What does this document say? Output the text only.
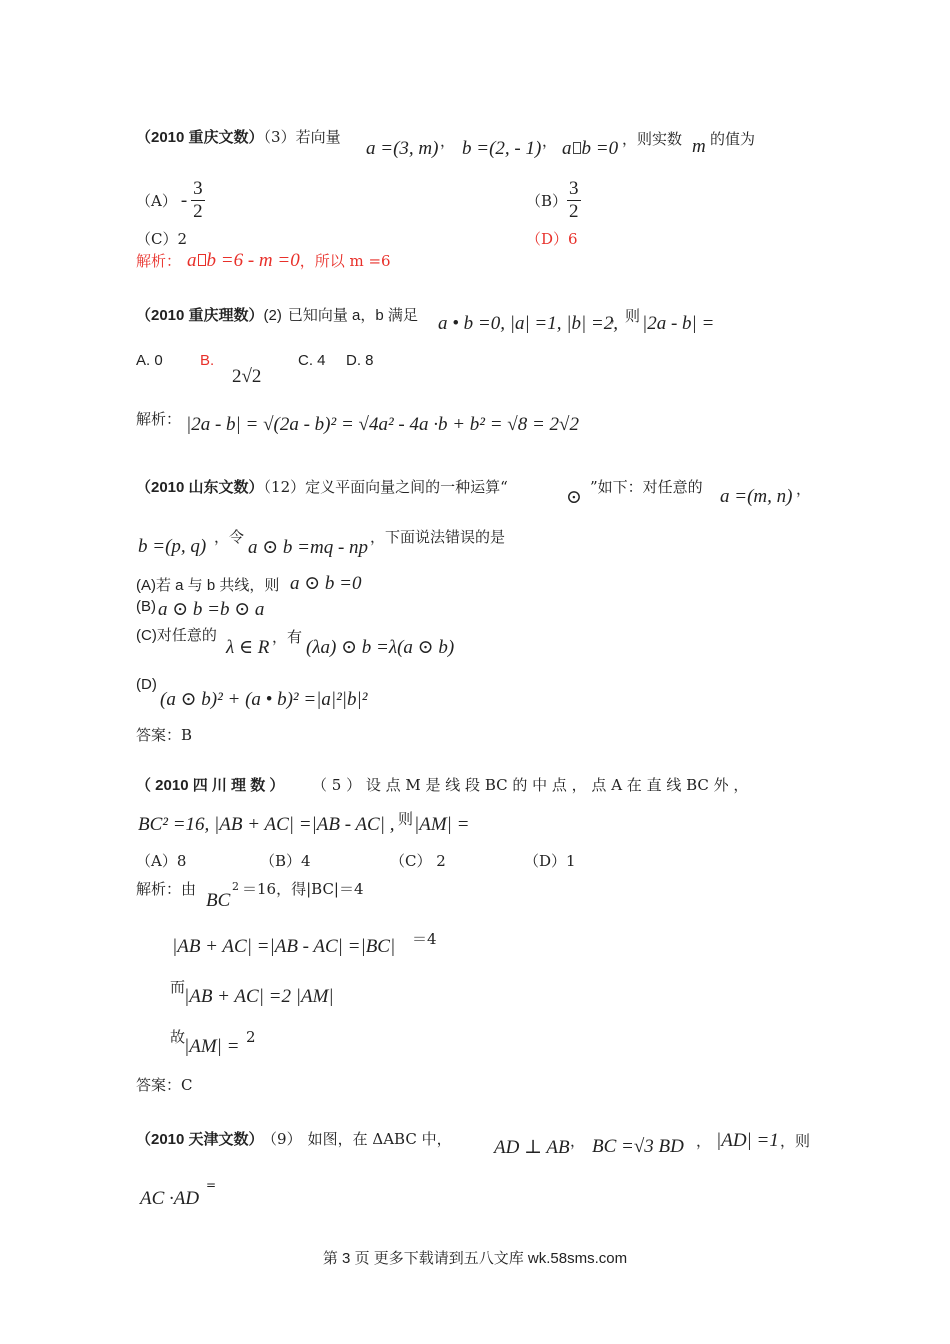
（2010 重庆文数）（3）若向量
a =(3, m) ， b =(2, - 1) ， a b =0 ，则实数 m 的值为
$(A) - \frac{3}{2}$	$(B) \frac{3}{2}$
（C）2	（D）6
解析： a b =6 - m =0，所以 m =6
（2010 重庆理数）(2) 已知向量 a，b 满足 a • b =0, |a| =1, |b| =2,
，则 |2a - b| =
A. 0 B.
2√2
C. 4 D. 8
解析： |2a - b| = √(2a - b)² = √4a² - 4a ·b + b² = √8 = 2√2
（2010 山东文数）（12）定义平面向量之间的一种运算“	⊙ ”如下：对任意的 a =(m, n) ，
b =(p, q) ，令 a ⊙ b =mq - np ，下面说法错误的是
(A)若 a 与 b 共线，则 a ⊙ b =0
(B) a ⊙ b =b ⊙ a
(C)对任意的
λ ∈ R ，有 (λa) ⊙ b =λ(a ⊙ b)
(D)
(a ⊙ b)² + (a • b)² =|a|²|b|²
答案：B
（ 2010 四 川 理 数 ） （ 5 ） 设 点 M 是 线 段 BC 的 中 点 ， 点 A 在 直 线 BC 外 ，
BC² =16, |AB + AC| =|AB - AC| , 则 |AM| =
（A）8	（B）4	（C） 2	（D）1
解析：由
BC
2 ＝16，得|BC|＝4
|AB + AC| =|AB - AC| =|BC| ＝4
而
|AB + AC| =2 |AM|
故
|AM| = 2
答案：C
（2010 天津文数） （9） 如图，在 ΔABC 中， AD ⊥ AB ， BC =√3 BD ， |AD| =1 ，则
AC ·AD
=
第 3 页 更多下载请到五八文库 wk.58sms.com
